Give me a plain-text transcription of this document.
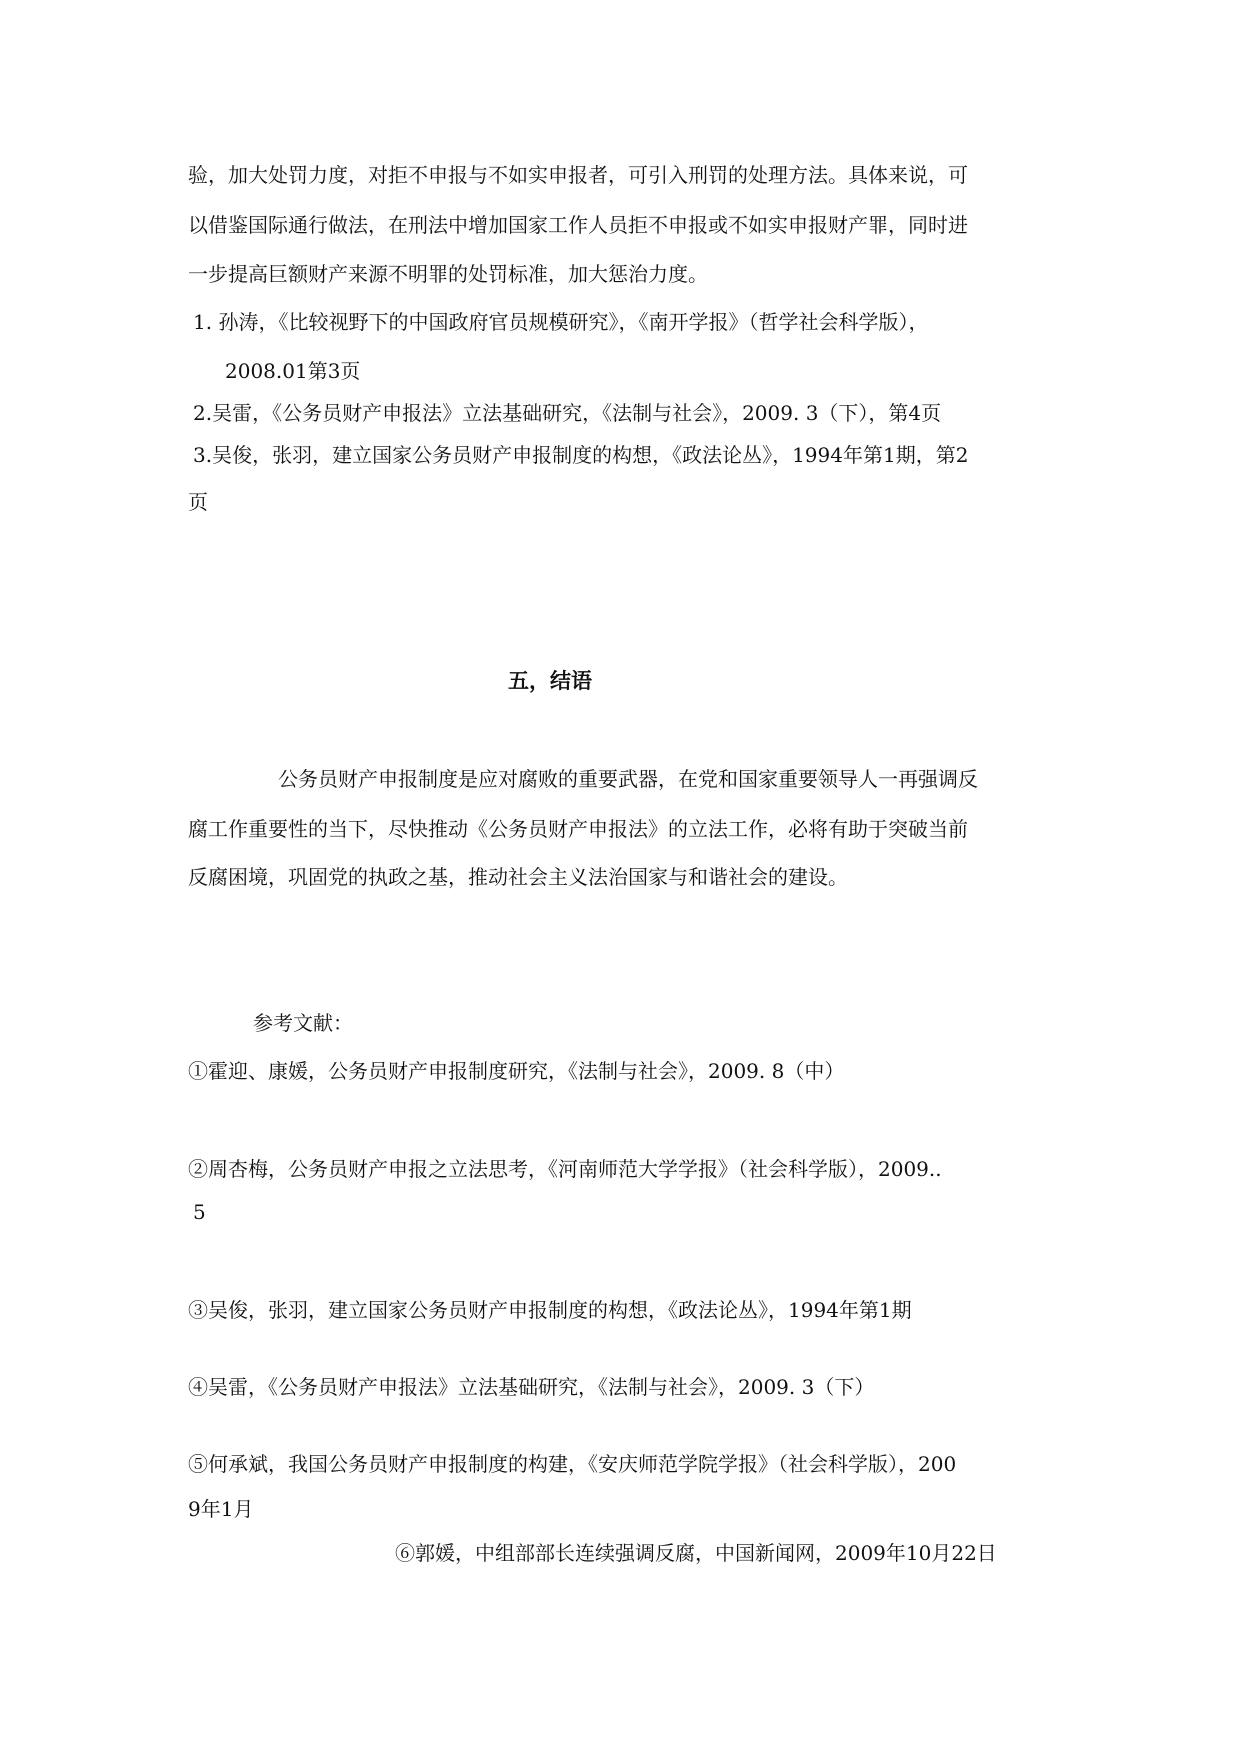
验，加大处罚力度，对拒不申报与不如实申报者，可引入刑罚的处理方法。具体来说，可
以借鉴国际通行做法，在刑法中增加国家工作人员拒不申报或不如实申报财产罪，同时进
一步提高巨额财产来源不明罪的处罚标准，加大惩治力度。
1. 孙涛，《比较视野下的中国政府官员规模研究》，《南开学报》（哲学社会科学版），
2008.01第3页
2.吴雷，《公务员财产申报法》立法基础研究，《法制与社会》，2009. 3（下），第4页
3.吴俊，张羽，建立国家公务员财产申报制度的构想，《政法论丛》，1994年第1期，第2
页
五，结语
公务员财产申报制度是应对腐败的重要武器，在党和国家重要领导人一再强调反
腐工作重要性的当下，尽快推动《公务员财产申报法》的立法工作，必将有助于突破当前
反腐困境，巩固党的执政之基，推动社会主义法治国家与和谐社会的建设。
参考文献：
①霍迎、康媛，公务员财产申报制度研究，《法制与社会》，2009. 8（中）
②周杏梅，公务员财产申报之立法思考，《河南师范大学学报》（社会科学版），2009..
5
③吴俊，张羽，建立国家公务员财产申报制度的构想，《政法论丛》，1994年第1期
④吴雷，《公务员财产申报法》立法基础研究，《法制与社会》，2009. 3（下）
⑤何承斌，我国公务员财产申报制度的构建，《安庆师范学院学报》（社会科学版），200
9年1月
⑥郭媛，中组部部长连续强调反腐，中国新闻网，2009年10月22日
